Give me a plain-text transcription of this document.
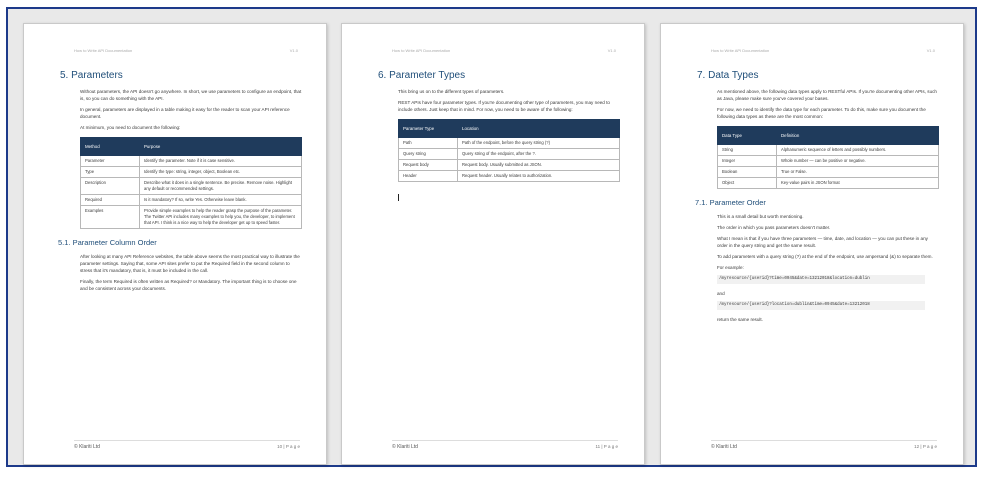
How to Write API Documentation	V1.0
5. Parameters

Without parameters, the API doesn't go anywhere. In short, we use parameters to configure an endpoint, that is, so you can do something with the API.

In general, parameters are displayed in a table making it easy for the reader to scan your API reference document.

At minimum, you need to document the following:

Method	Purpose
Parameter	Identify the parameter. Note if it is case sensitive.
Type	Identify the type: string, integer, object, Boolean etc.
Description	Describe what it does in a single sentence. Be precise. Remove noise. Highlight any default or recommended settings.
Required	Is it mandatory? If so, write Yes. Otherwise leave blank.
Examples	Provide simple examples to help the reader grasp the purpose of the parameter. The Twitter API includes many examples to help you, the developer, to implement that API. I think is a nice way to help the developer get up to speed faster.
5.1. Parameter Column Order

After looking at many API Reference websites, the table above seems the most practical way to illustrate the parameter settings. Saying that, some API sites prefer to put the Required field in the second column to stress that it's mandatory, that is, it must be included in the call.

Finally, the term Required is often written as Required? or Mandatory. The important thing is to choose one and be consistent across your documents.

© Klariti Ltd	10 | P a g e
How to Write API Documentation	V1.0
6. Parameter Types

This bring us on to the different types of parameters.

REST APIs have four parameter types. If you're documenting other type of parameters, you may need to include others. Just keep that in mind. For now, you need to be aware of the following:

Parameter Type	Location
Path	Path of the endpoint, before the query string (?)
Query string	Query string of the endpoint, after the ?.
Request body	Request body. Usually submitted as JSON.
Header	Request header. Usually relates to authorization.
© Klariti Ltd	11 | P a g e
How to Write API Documentation	V1.0
7. Data Types

As mentioned above, the following data types apply to RESTful APIs. If you're documenting other APIs, such as Java, please make sure you've covered your bases.

For now, we need to identify the data type for each parameter. To do this, make sure you document the following data types as these are the most common:

Data Type	Definition
String	Alphanumeric sequence of letters and possibly numbers.
Integer	Whole number — can be positive or negative.
Boolean	True or False.
Object	Key-value pairs in JSON format
7.1. Parameter Order

This is a small detail but worth mentioning.

The order in which you pass parameters doesn't matter.

What I mean is that if you have three parameters — time, date, and location — you can put these in any order in the query string and get the same result.

To add parameters with a query string (?) at the end of the endpoint, use ampersand (&) to separate them.

For example:

/myresource/{userid}?time=0945&date=13212018&location=dublin

and

/myresource/{userid}?location=dublin&time=0945&date=13212018

return the same result.

© Klariti Ltd	12 | P a g e
